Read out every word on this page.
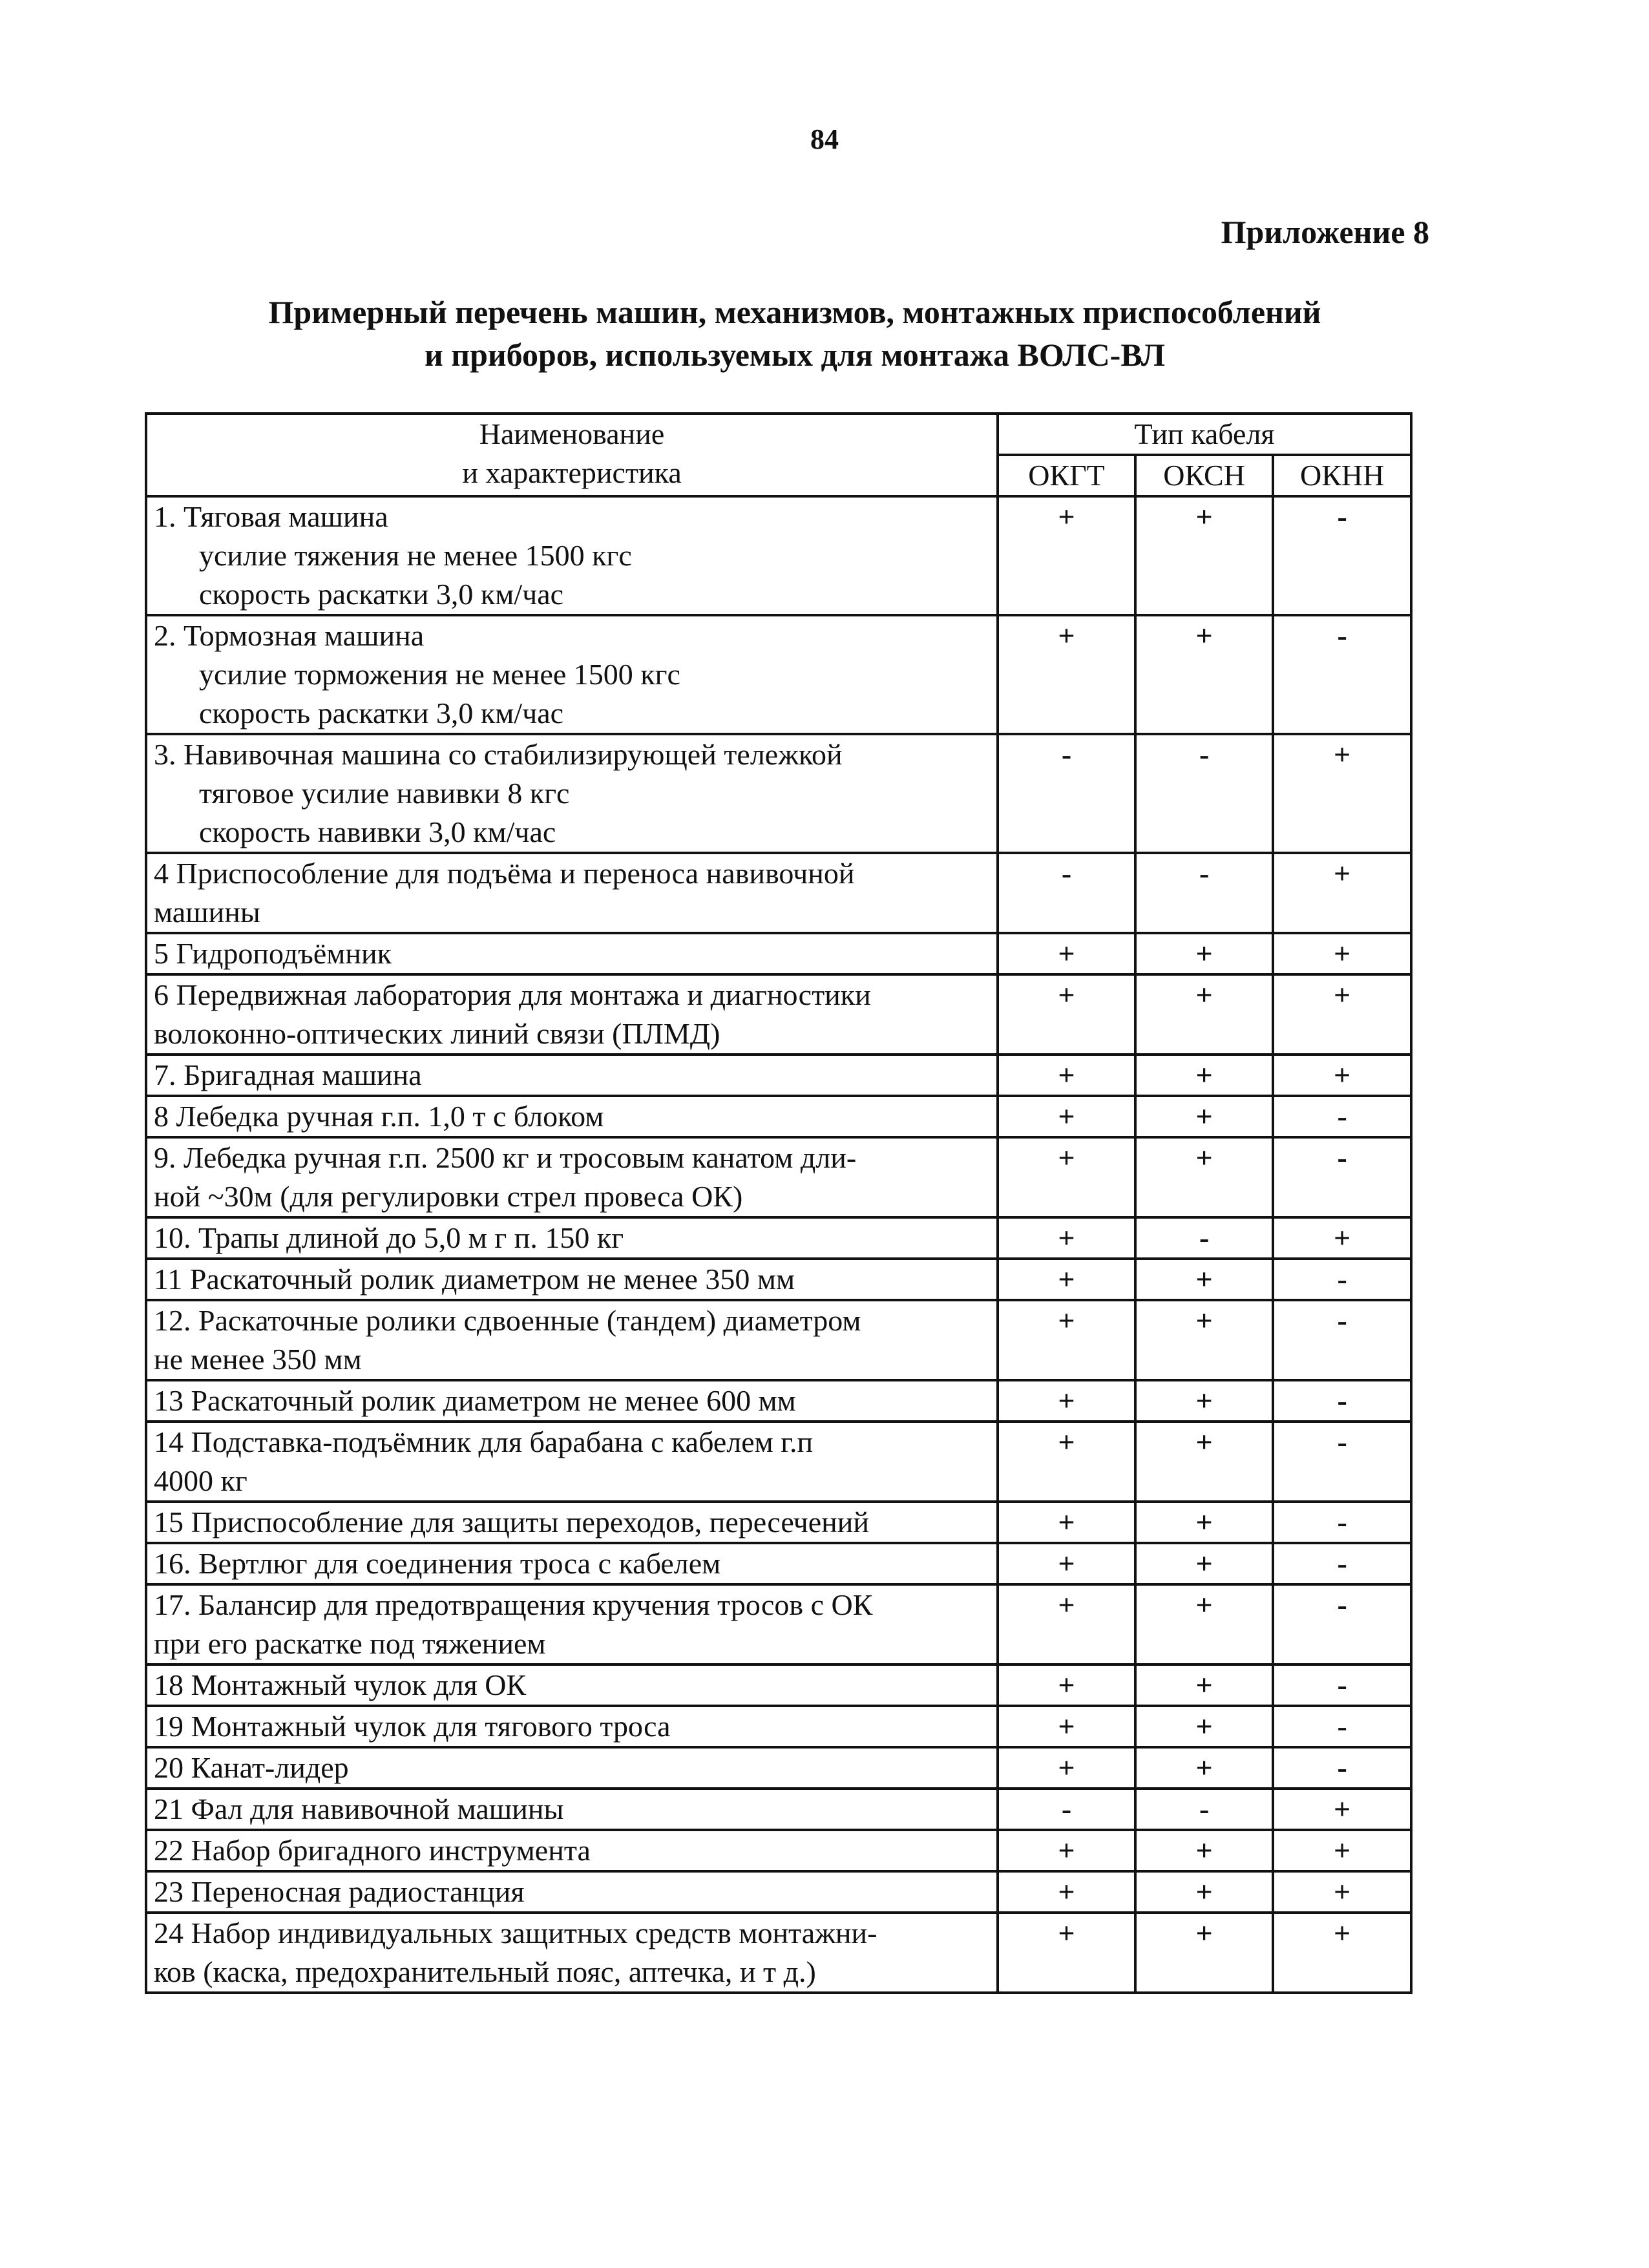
84
Приложение 8
Примерный перечень машин, механизмов, монтажных приспособлений
и приборов, используемых для монтажа ВОЛС-ВЛ
Наименование
и характеристика	Тип кабеля		
	ОКГТ	ОКСН	ОКНН

1. Тяговая машина
усилие тяжения не менее 1500 кгс
скорость раскатки 3,0 км/час	+	+	-

2. Тормозная машина
усилие торможения не менее 1500 кгс
скорость раскатки 3,0 км/час	+	+	-

3. Навивочная машина со стабилизирующей тележкой
тяговое усилие навивки 8 кгс
скорость навивки 3,0 км/час	-	-	+

4 Приспособление для подъёма и переноса навивочной
машины	-	-	+

5 Гидроподъёмник	+	+	+

6 Передвижная лаборатория для монтажа и диагностики
волоконно-оптических линий связи (ПЛМД)	+	+	+

7. Бригадная машина	+	+	+

8 Лебедка ручная г.п. 1,0 т с блоком	+	+	-

9. Лебедка ручная г.п. 2500 кг и тросовым канатом дли-
ной ~30м (для регулировки стрел провеса ОК)	+	+	-

10. Трапы длиной до 5,0 м г п. 150 кг	+	-	+

11 Раскаточный ролик диаметром не менее 350 мм	+	+	-

12. Раскаточные ролики сдвоенные (тандем) диаметром
не менее 350 мм	+	+	-

13 Раскаточный ролик диаметром не менее 600 мм	+	+	-

14 Подставка-подъёмник для барабана с кабелем г.п
4000 кг	+	+	-

15 Приспособление для защиты переходов, пересечений	+	+	-

16. Вертлюг для соединения троса с кабелем	+	+	-

17. Балансир для предотвращения кручения тросов с ОК
при его раскатке под тяжением	+	+	-

18 Монтажный чулок для ОК	+	+	-

19 Монтажный чулок для тягового троса	+	+	-

20 Канат-лидер	+	+	-

21 Фал для навивочной машины	-	-	+

22 Набор бригадного инструмента	+	+	+

23 Переносная радиостанция	+	+	+

24 Набор индивидуальных защитных средств монтажни-
ков (каска, предохранительный пояс, аптечка, и т д.)	+	+	+
